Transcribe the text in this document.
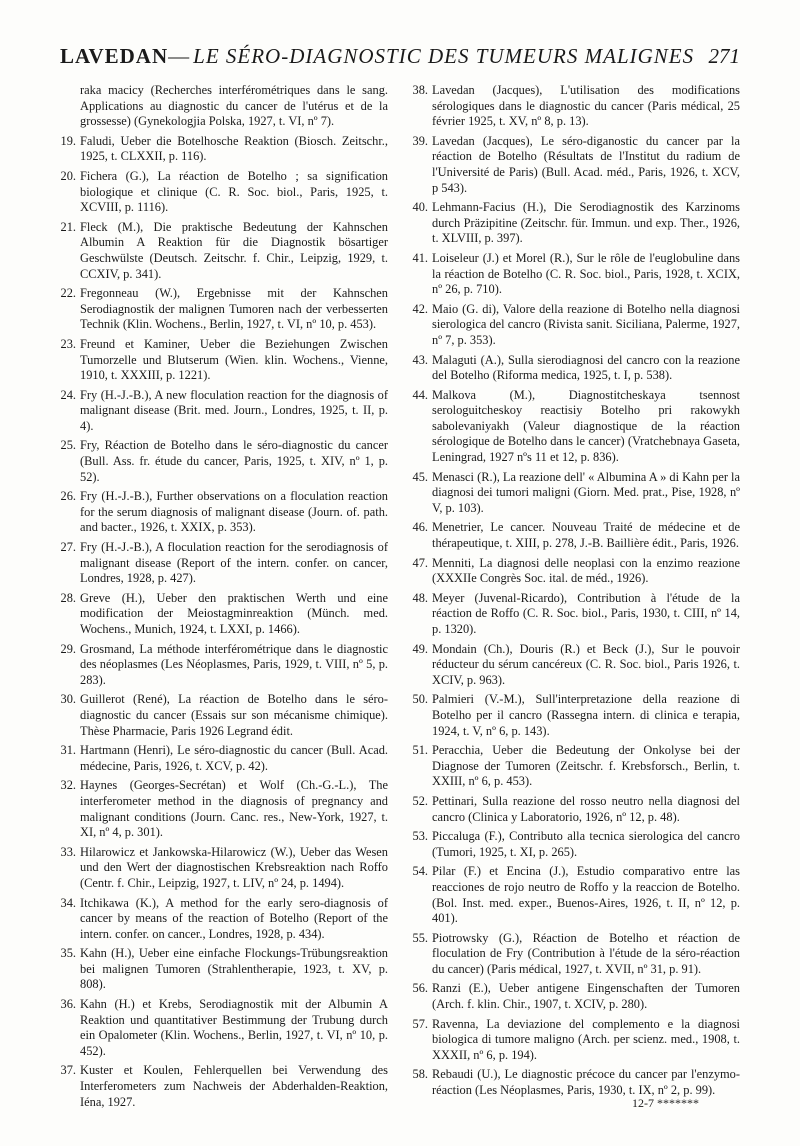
LAVEDAN— LE SÉRO-DIAGNOSTIC DES TUMEURS MALIGNES 271
raka macicy (Recherches interférométriques dans le sang. Applications au diagnostic du cancer de l'utérus et de la grossesse) (Gynekologjia Polska, 1927, t. VI, nº 7).
19. Faludi, Ueber die Botelhosche Reaktion (Biosch. Zeitschr., 1925, t. CLXXII, p. 116).
20. Fichera (G.), La réaction de Botelho ; sa signification biologique et clinique (C. R. Soc. biol., Paris, 1925, t. XCVIII, p. 1116).
21. Fleck (M.), Die praktische Bedeutung der Kahnschen Albumin A Reaktion für die Diagnostik bösartiger Geschwülste (Deutsch. Zeitschr. f. Chir., Leipzig, 1929, t. CCXIV, p. 341).
22. Fregonneau (W.), Ergebnisse mit der Kahnschen Serodiagnostik der malignen Tumoren nach der verbesserten Technik (Klin. Wochens., Berlin, 1927, t. VI, nº 10, p. 453).
23. Freund et Kaminer, Ueber die Beziehungen Zwischen Tumorzelle und Blutserum (Wien. klin. Wochens., Vienne, 1910, t. XXXIII, p. 1221).
24. Fry (H.-J.-B.), A new floculation reaction for the diagnosis of malignant disease (Brit. med. Journ., Londres, 1925, t. II, p. 4).
25. Fry, Réaction de Botelho dans le séro-diagnostic du cancer (Bull. Ass. fr. étude du cancer, Paris, 1925, t. XIV, nº 1, p. 52).
26. Fry (H.-J.-B.), Further observations on a floculation reaction for the serum diagnosis of malignant disease (Journ. of. path. and bacter., 1926, t. XXIX, p. 353).
27. Fry (H.-J.-B.), A floculation reaction for the serodiagnosis of malignant disease (Report of the intern. confer. on cancer, Londres, 1928, p. 427).
28. Greve (H.), Ueber den praktischen Werth und eine modification der Meiostagminreaktion (Münch. med. Wochens., Munich, 1924, t. LXXI, p. 1466).
29. Grosmand, La méthode interférométrique dans le diagnostic des néoplasmes (Les Néoplasmes, Paris, 1929, t. VIII, nº 5, p. 283).
30. Guillerot (René), La réaction de Botelho dans le séro-diagnostic du cancer (Essais sur son mécanisme chimique). Thèse Pharmacie, Paris 1926 Legrand édit.
31. Hartmann (Henri), Le séro-diagnostic du cancer (Bull. Acad. médecine, Paris, 1926, t. XCV, p. 42).
32. Haynes (Georges-Secrétan) et Wolf (Ch.-G.-L.), The interferometer method in the diagnosis of pregnancy and malignant conditions (Journ. Canc. res., New-York, 1927, t. XI, nº 4, p. 301).
33. Hilarowicz et Jankowska-Hilarowicz (W.), Ueber das Wesen und den Wert der diagnostischen Krebsreaktion nach Roffo (Centr. f. Chir., Leipzig, 1927, t. LIV, nº 24, p. 1494).
34. Itchikawa (K.), A method for the early sero-diagnosis of cancer by means of the reaction of Botelho (Report of the intern. confer. on cancer., Londres, 1928, p. 434).
35. Kahn (H.), Ueber eine einfache Flockungs-Trübungsreaktion bei malignen Tumoren (Strahlentherapie, 1923, t. XV, p. 808).
36. Kahn (H.) et Krebs, Serodiagnostik mit der Albumin A Reaktion und quantitativer Bestimmung der Trubung durch ein Opalometer (Klin. Wochens., Berlin, 1927, t. VI, nº 10, p. 452).
37. Kuster et Koulen, Fehlerquellen bei Verwendung des Interferometers zum Nachweis der Abderhalden-Reaktion, Iéna, 1927.
38. Lavedan (Jacques), L'utilisation des modifications sérologiques dans le diagnostic du cancer (Paris médical, 25 février 1925, t. XV, nº 8, p. 13).
39. Lavedan (Jacques), Le séro-diganostic du cancer par la réaction de Botelho (Résultats de l'Institut du radium de l'Université de Paris) (Bull. Acad. méd., Paris, 1926, t. XCV, p 543).
40. Lehmann-Facius (H.), Die Serodiagnostik des Karzinoms durch Präzipitine (Zeitschr. für. Immun. und exp. Ther., 1926, t. XLVIII, p. 397).
41. Loiseleur (J.) et Morel (R.), Sur le rôle de l'euglobuline dans la réaction de Botelho (C. R. Soc. biol., Paris, 1928, t. XCIX, nº 26, p. 710).
42. Maio (G. di), Valore della reazione di Botelho nella diagnosi sierologica del cancro (Rivista sanit. Siciliana, Palerme, 1927, nº 7, p. 353).
43. Malaguti (A.), Sulla sierodiagnosi del cancro con la reazione del Botelho (Riforma medica, 1925, t. I, p. 538).
44. Malkova (M.), Diagnostitcheskaya tsennost serologuitcheskoy reactisiy Botelho pri rakowykh sabolevaniyakh (Valeur diagnostique de la réaction sérologique de Botelho dans le cancer) (Vratchebnaya Gaseta, Leningrad, 1927 nºs 11 et 12, p. 836).
45. Menasci (R.), La reazione dell' « Albumina A » di Kahn per la diagnosi dei tumori maligni (Giorn. Med. prat., Pise, 1928, nº V, p. 103).
46. Menetrier, Le cancer. Nouveau Traité de médecine et de thérapeutique, t. XIII, p. 278, J.-B. Baillière édit., Paris, 1926.
47. Menniti, La diagnosi delle neoplasi con la enzimo reazione (XXXIIe Congrès Soc. ital. de méd., 1926).
48. Meyer (Juvenal-Ricardo), Contribution à l'étude de la réaction de Roffo (C. R. Soc. biol., Paris, 1930, t. CIII, nº 14, p. 1320).
49. Mondain (Ch.), Douris (R.) et Beck (J.), Sur le pouvoir réducteur du sérum cancéreux (C. R. Soc. biol., Paris 1926, t. XCIV, p. 963).
50. Palmieri (V.-M.), Sull'interpretazione della reazione di Botelho per il cancro (Rassegna intern. di clinica e terapia, 1924, t. V, nº 6, p. 143).
51. Peracchia, Ueber die Bedeutung der Onkolyse bei der Diagnose der Tumoren (Zeitschr. f. Krebsforsch., Berlin, t. XXIII, nº 6, p. 453).
52. Pettinari, Sulla reazione del rosso neutro nella diagnosi del cancro (Clinica y Laboratorio, 1926, nº 12, p. 48).
53. Piccaluga (F.), Contributo alla tecnica sierologica del cancro (Tumori, 1925, t. XI, p. 265).
54. Pilar (F.) et Encina (J.), Estudio comparativo entre las reacciones de rojo neutro de Roffo y la reaccion de Botelho. (Bol. Inst. med. exper., Buenos-Aires, 1926, t. II, nº 12, p. 401).
55. Piotrowsky (G.), Réaction de Botelho et réaction de floculation de Fry (Contribution à l'étude de la séro-réaction du cancer) (Paris médical, 1927, t. XVII, nº 31, p. 91).
56. Ranzi (E.), Ueber antigene Eingenschaften der Tumoren (Arch. f. klin. Chir., 1907, t. XCIV, p. 280).
57. Ravenna, La deviazione del complemento e la diagnosi biologica di tumore maligno (Arch. per scienz. med., 1908, t. XXXII, nº 6, p. 194).
58. Rebaudi (U.), Le diagnostic précoce du cancer par l'enzymo-réaction (Les Néoplasmes, Paris, 1930, t. IX, nº 2, p. 99).
12-7 *******
